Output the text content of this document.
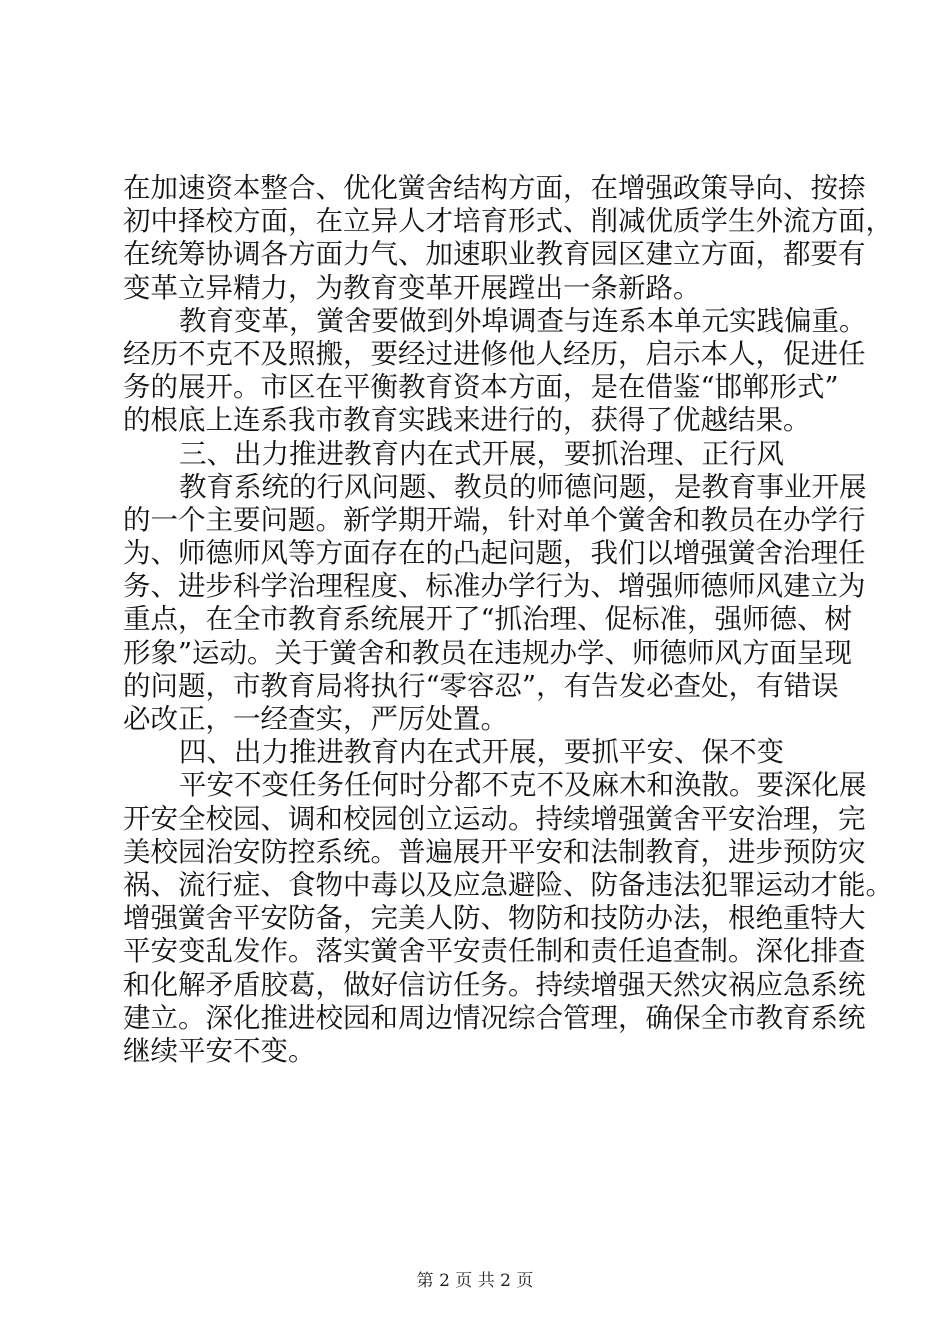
在加速资本整合、优化黉舍结构方面，在增强政策导向、按捺
初中择校方面，在立异人才培育形式、削减优质学生外流方面，
在统筹协调各方面力气、加速职业教育园区建立方面，都要有
变革立异精力，为教育变革开展蹚出一条新路。
教育变革，黉舍要做到外埠调查与连系本单元实践偏重。
经历不克不及照搬，要经过进修他人经历，启示本人，促进任
务的展开。市区在平衡教育资本方面，是在借鉴“邯郸形式”
的根底上连系我市教育实践来进行的，获得了优越结果。
三、出力推进教育内在式开展，要抓治理、正行风
教育系统的行风问题、教员的师德问题，是教育事业开展
的一个主要问题。新学期开端，针对单个黉舍和教员在办学行
为、师德师风等方面存在的凸起问题，我们以增强黉舍治理任
务、进步科学治理程度、标准办学行为、增强师德师风建立为
重点，在全市教育系统展开了“抓治理、促标准，强师德、树
形象”运动。关于黉舍和教员在违规办学、师德师风方面呈现
的问题，市教育局将执行“零容忍”，有告发必查处，有错误
必改正，一经查实，严厉处置。
四、出力推进教育内在式开展，要抓平安、保不变
平安不变任务任何时分都不克不及麻木和涣散。要深化展
开安全校园、调和校园创立运动。持续增强黉舍平安治理，完
美校园治安防控系统。普遍展开平安和法制教育，进步预防灾
祸、流行症、食物中毒以及应急避险、防备违法犯罪运动才能。
增强黉舍平安防备，完美人防、物防和技防办法，根绝重特大
平安变乱发作。落实黉舍平安责任制和责任追查制。深化排查
和化解矛盾胶葛，做好信访任务。持续增强天然灾祸应急系统
建立。深化推进校园和周边情况综合管理，确保全市教育系统
继续平安不变。
第 2 页 共 2 页
